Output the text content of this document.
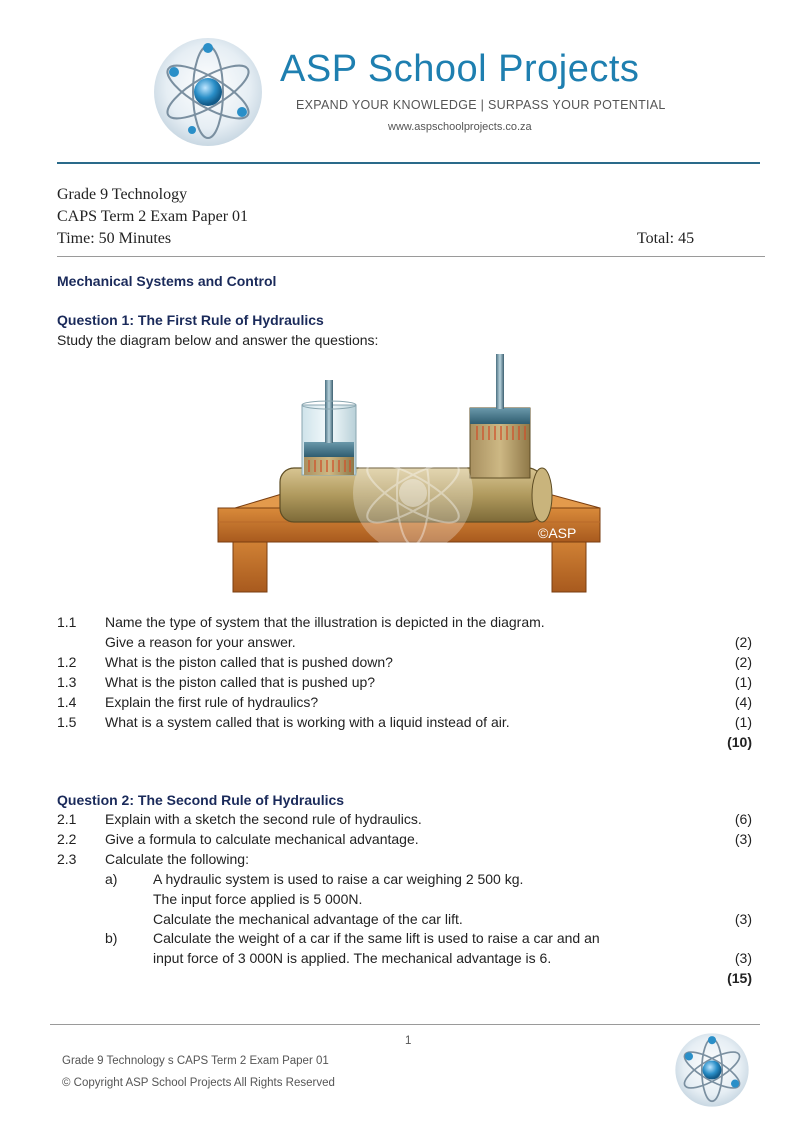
ASP School Projects
EXPAND YOUR KNOWLEDGE | SURPASS YOUR POTENTIAL
www.aspschoolprojects.co.za
Grade 9 Technology
CAPS Term 2 Exam Paper 01
Time: 50 Minutes	Total: 45
Mechanical Systems and Control
Question 1: The First Rule of Hydraulics
Study the diagram below and answer the questions:
©ASP
1.1 Name the type of system that the illustration is depicted in the diagram.
Give a reason for your answer.	(2)
1.2 What is the piston called that is pushed down?	(2)
1.3 What is the piston called that is pushed up?	(1)
1.4 Explain the first rule of hydraulics?	(4)
1.5 What is a system called that is working with a liquid instead of air.	(1)
(10)
Question 2: The Second Rule of Hydraulics
2.1 Explain with a sketch the second rule of hydraulics.	(6)
2.2 Give a formula to calculate mechanical advantage.	(3)
2.3 Calculate the following:
a)	A hydraulic system is used to raise a car weighing 2 500 kg.
The input force applied is 5 000N.
Calculate the mechanical advantage of the car lift.	(3)
b)	Calculate the weight of a car if the same lift is used to raise a car and an
input force of 3 000N is applied. The mechanical advantage is 6.	(3)
(15)
1
Grade 9 Technology s CAPS Term 2 Exam Paper 01
© Copyright ASP School Projects All Rights Reserved
